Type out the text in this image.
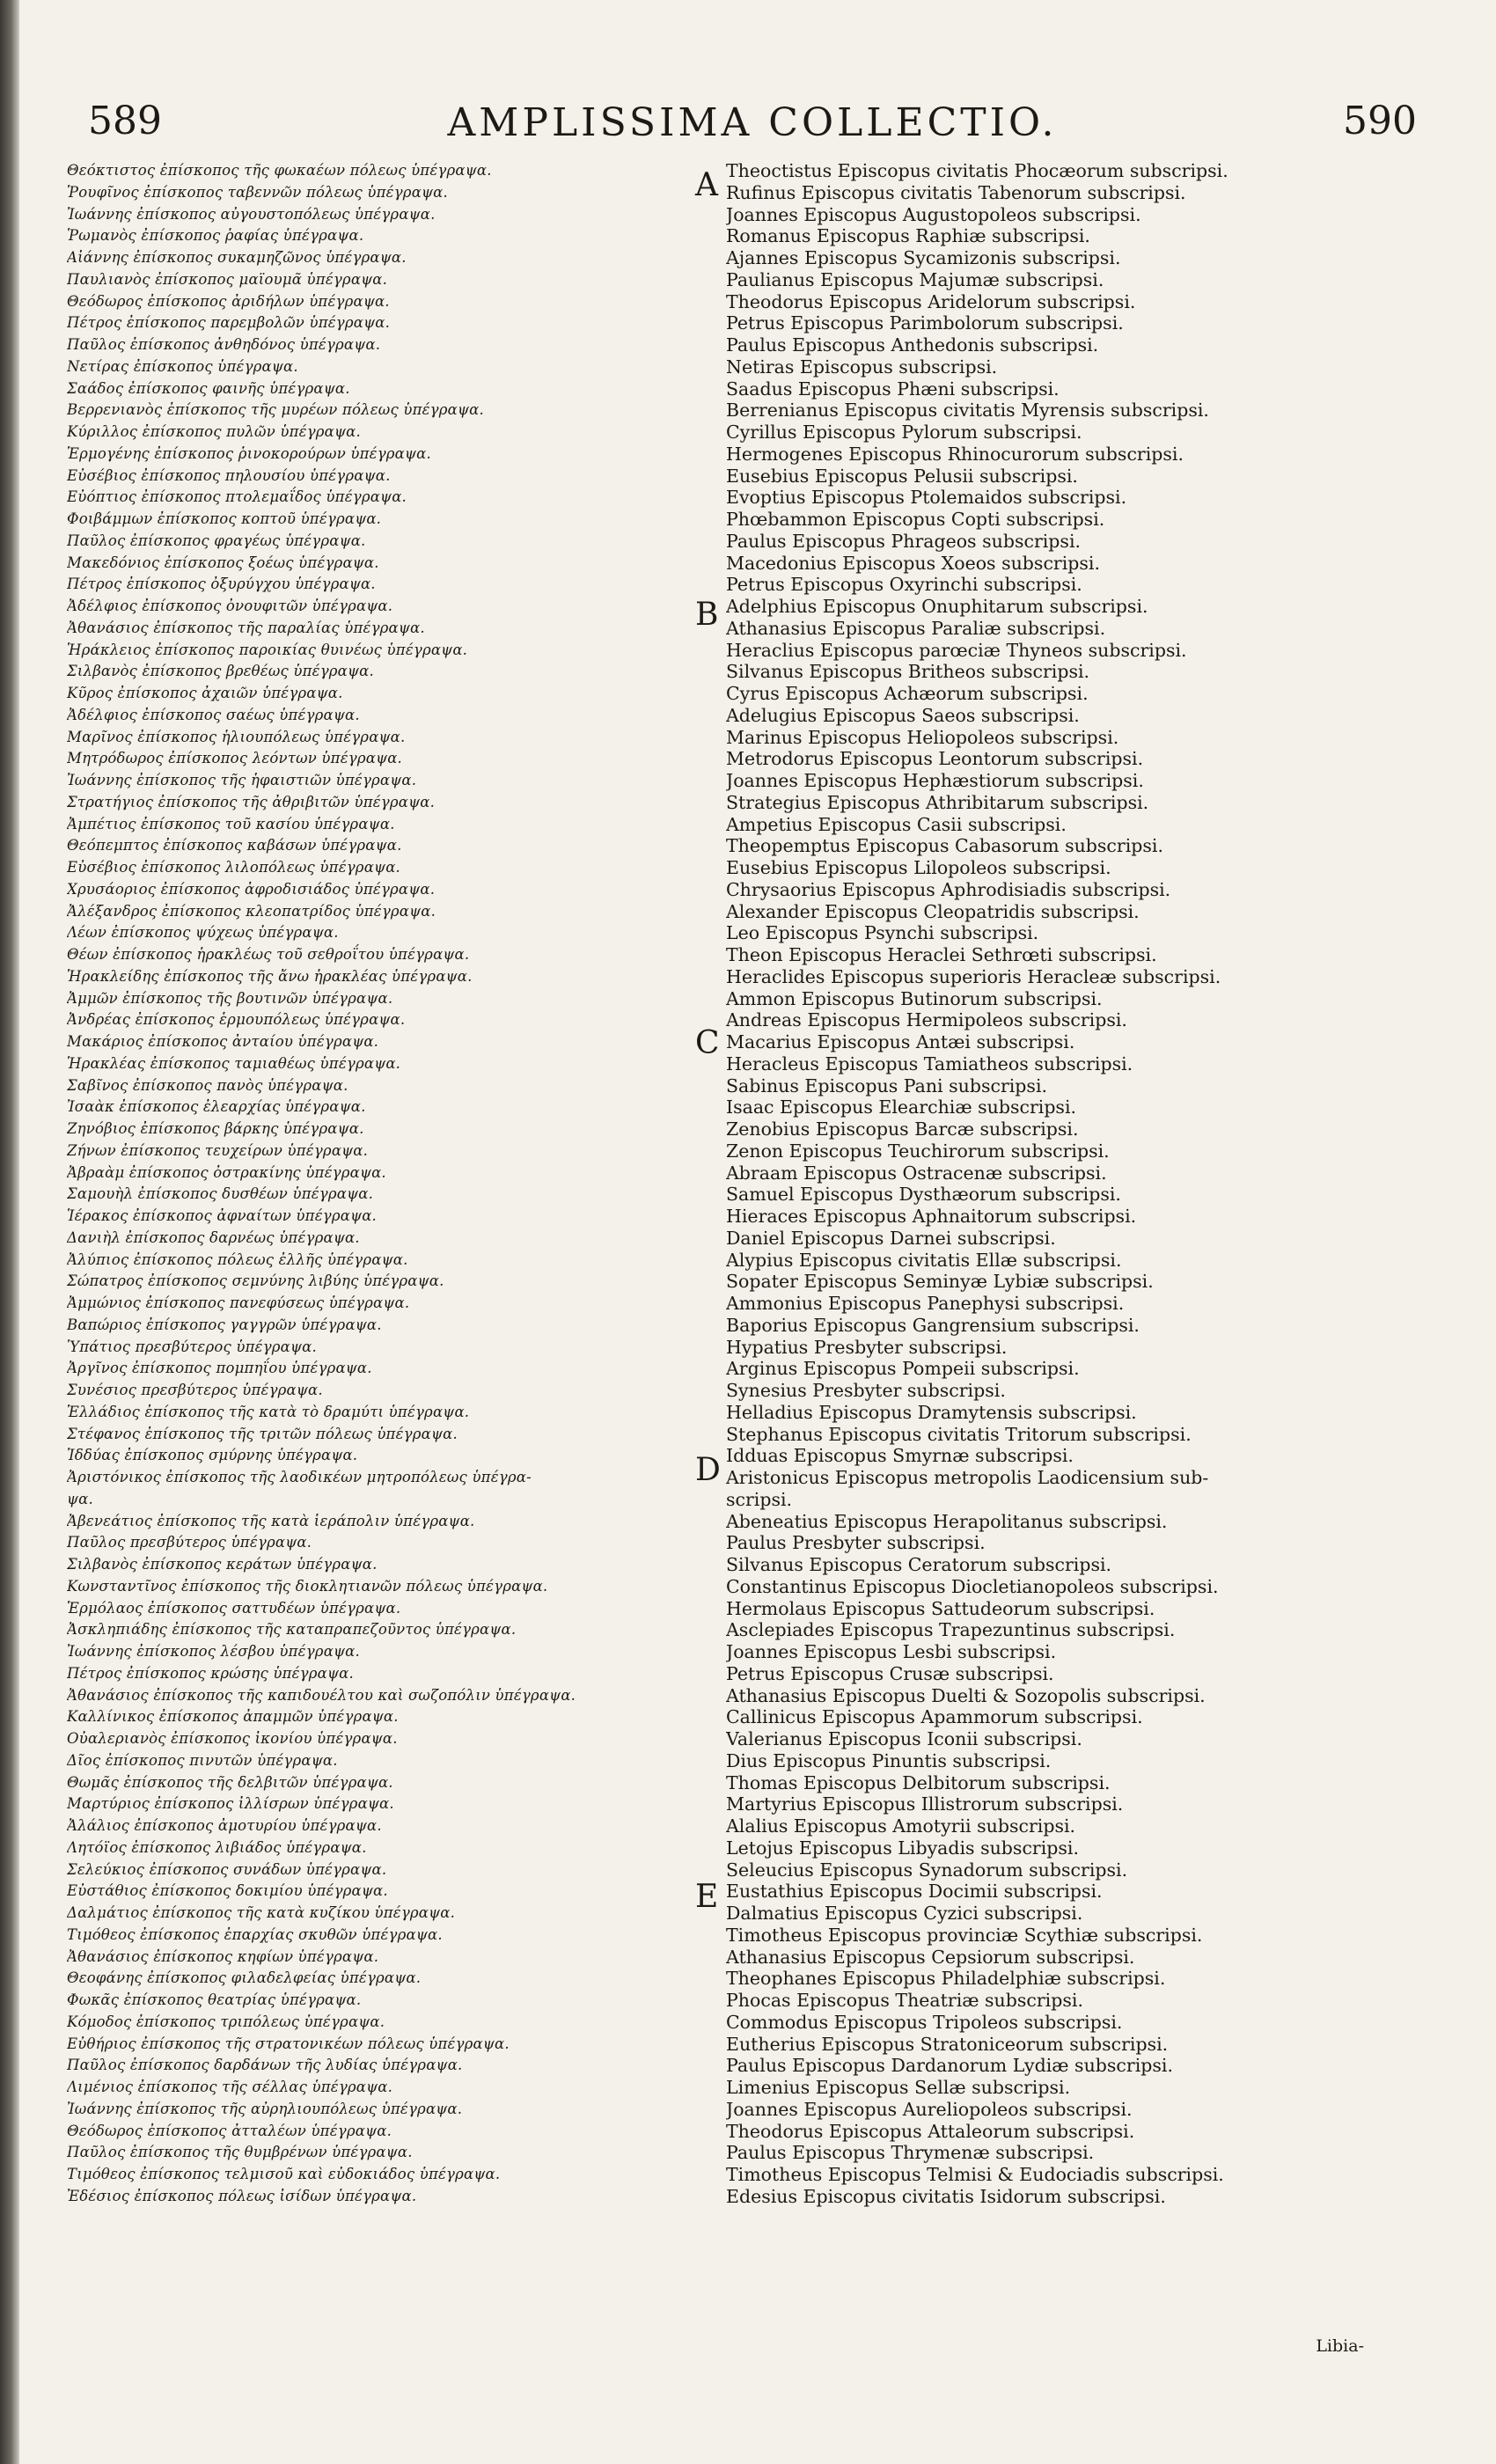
589	AMPLISSIMA COLLECTIO.	590
Θεόκτιστος ἐπίσκοπος τῆς φωκαέων πόλεως ὑπέγραψα.
Ῥουφῖνος ἐπίσκοπος ταβεννῶν πόλεως ὑπέγραψα.
Ἰωάννης ἐπίσκοπος αὐγουστοπόλεως ὑπέγραψα.
Ῥωμανὸς ἐπίσκοπος ῥαφίας ὑπέγραψα.
Αἰάννης ἐπίσκοπος συκαμηζῶνος ὑπέγραψα.
Παυλιανὸς ἐπίσκοπος μαϊουμᾶ ὑπέγραψα.
Θεόδωρος ἐπίσκοπος ἀριδήλων ὑπέγραψα.
Πέτρος ἐπίσκοπος παρεμβολῶν ὑπέγραψα.
Παῦλος ἐπίσκοπος ἀνθηδόνος ὑπέγραψα.
Νετίρας ἐπίσκοπος ὑπέγραψα.
Σαάδος ἐπίσκοπος φαινῆς ὑπέγραψα.
Βερρενιανὸς ἐπίσκοπος τῆς μυρέων πόλεως ὑπέγραψα.
Κύριλλος ἐπίσκοπος πυλῶν ὑπέγραψα.
Ἑρμογένης ἐπίσκοπος ῥινοκορούρων ὑπέγραψα.
Εὐσέβιος ἐπίσκοπος πηλουσίου ὑπέγραψα.
Εὐόπτιος ἐπίσκοπος πτολεμαΐδος ὑπέγραψα.
Φοιβάμμων ἐπίσκοπος κοπτοῦ ὑπέγραψα.
Παῦλος ἐπίσκοπος φραγέως ὑπέγραψα.
Μακεδόνιος ἐπίσκοπος ξοέως ὑπέγραψα.
Πέτρος ἐπίσκοπος ὀξυρύγχου ὑπέγραψα.
Ἀδέλφιος ἐπίσκοπος ὀνουφιτῶν ὑπέγραψα.
Ἀθανάσιος ἐπίσκοπος τῆς παραλίας ὑπέγραψα.
Ἡράκλειος ἐπίσκοπος παροικίας θυινέως ὑπέγραψα.
Σιλβανὸς ἐπίσκοπος βρεθέως ὑπέγραψα.
Κῦρος ἐπίσκοπος ἀχαιῶν ὑπέγραψα.
Ἀδέλφιος ἐπίσκοπος σαέως ὑπέγραψα.
Μαρῖνος ἐπίσκοπος ἡλιουπόλεως ὑπέγραψα.
Μητρόδωρος ἐπίσκοπος λεόντων ὑπέγραψα.
Ἰωάννης ἐπίσκοπος τῆς ἡφαιστιῶν ὑπέγραψα.
Στρατήγιος ἐπίσκοπος τῆς ἀθριβιτῶν ὑπέγραψα.
Ἀμπέτιος ἐπίσκοπος τοῦ κασίου ὑπέγραψα.
Θεόπεμπτος ἐπίσκοπος καβάσων ὑπέγραψα.
Εὐσέβιος ἐπίσκοπος λιλοπόλεως ὑπέγραψα.
Χρυσάοριος ἐπίσκοπος ἀφροδισιάδος ὑπέγραψα.
Ἀλέξανδρος ἐπίσκοπος κλεοπατρίδος ὑπέγραψα.
Λέων ἐπίσκοπος ψύχεως ὑπέγραψα.
Θέων ἐπίσκοπος ἡρακλέως τοῦ σεθροΐτου ὑπέγραψα.
Ἡρακλείδης ἐπίσκοπος τῆς ἄνω ἡρακλέας ὑπέγραψα.
Ἀμμῶν ἐπίσκοπος τῆς βουτινῶν ὑπέγραψα.
Ἀνδρέας ἐπίσκοπος ἑρμουπόλεως ὑπέγραψα.
Μακάριος ἐπίσκοπος ἀνταίου ὑπέγραψα.
Ἡρακλέας ἐπίσκοπος ταμιαθέως ὑπέγραψα.
Σαβῖνος ἐπίσκοπος πανὸς ὑπέγραψα.
Ἰσαὰκ ἐπίσκοπος ἐλεαρχίας ὑπέγραψα.
Ζηνόβιος ἐπίσκοπος βάρκης ὑπέγραψα.
Ζήνων ἐπίσκοπος τευχείρων ὑπέγραψα.
Ἀβραὰμ ἐπίσκοπος ὀστρακίνης ὑπέγραψα.
Σαμουὴλ ἐπίσκοπος δυσθέων ὑπέγραψα.
Ἱέρακος ἐπίσκοπος ἀφναίτων ὑπέγραψα.
Δανιὴλ ἐπίσκοπος δαρνέως ὑπέγραψα.
Ἀλύπιος ἐπίσκοπος πόλεως ἐλλῆς ὑπέγραψα.
Σώπατρος ἐπίσκοπος σεμνύνης λιβύης ὑπέγραψα.
Ἀμμώνιος ἐπίσκοπος πανεφύσεως ὑπέγραψα.
Βαπώριος ἐπίσκοπος γαγγρῶν ὑπέγραψα.
Ὑπάτιος πρεσβύτερος ὑπέγραψα.
Ἀργῖνος ἐπίσκοπος πομπηΐου ὑπέγραψα.
Συνέσιος πρεσβύτερος ὑπέγραψα.
Ἑλλάδιος ἐπίσκοπος τῆς κατὰ τὸ δραμύτι ὑπέγραψα.
Στέφανος ἐπίσκοπος τῆς τριτῶν πόλεως ὑπέγραψα.
Ἰδδύας ἐπίσκοπος σμύρνης ὑπέγραψα.
Ἀριστόνικος ἐπίσκοπος τῆς λαοδικέων μητροπόλεως ὑπέγρα-
ψα.
Ἀβενεάτιος ἐπίσκοπος τῆς κατὰ ἱεράπολιν ὑπέγραψα.
Παῦλος πρεσβύτερος ὑπέγραψα.
Σιλβανὸς ἐπίσκοπος κεράτων ὑπέγραψα.
Κωνσταντῖνος ἐπίσκοπος τῆς διοκλητιανῶν πόλεως ὑπέγραψα.
Ἑρμόλαος ἐπίσκοπος σαττυδέων ὑπέγραψα.
Ἀσκληπιάδης ἐπίσκοπος τῆς καταπραπεζοῦντος ὑπέγραψα.
Ἰωάννης ἐπίσκοπος λέσβου ὑπέγραψα.
Πέτρος ἐπίσκοπος κρώσης ὑπέγραψα.
Ἀθανάσιος ἐπίσκοπος τῆς καπιδουέλτου καὶ σωζοπόλιν ὑπέγραψα.
Καλλίνικος ἐπίσκοπος ἀπαμμῶν ὑπέγραψα.
Οὐαλεριανὸς ἐπίσκοπος ἰκονίου ὑπέγραψα.
Δῖος ἐπίσκοπος πινυτῶν ὑπέγραψα.
Θωμᾶς ἐπίσκοπος τῆς δελβιτῶν ὑπέγραψα.
Μαρτύριος ἐπίσκοπος ἰλλίσρων ὑπέγραψα.
Ἀλάλιος ἐπίσκοπος ἀμοτυρίου ὑπέγραψα.
Λητόϊος ἐπίσκοπος λιβιάδος ὑπέγραψα.
Σελεύκιος ἐπίσκοπος συνάδων ὑπέγραψα.
Εὐστάθιος ἐπίσκοπος δοκιμίου ὑπέγραψα.
Δαλμάτιος ἐπίσκοπος τῆς κατὰ κυζίκου ὑπέγραψα.
Τιμόθεος ἐπίσκοπος ἐπαρχίας σκυθῶν ὑπέγραψα.
Ἀθανάσιος ἐπίσκοπος κηφίων ὑπέγραψα.
Θεοφάνης ἐπίσκοπος φιλαδελφείας ὑπέγραψα.
Φωκᾶς ἐπίσκοπος θεατρίας ὑπέγραψα.
Κόμοδος ἐπίσκοπος τριπόλεως ὑπέγραψα.
Εὐθήριος ἐπίσκοπος τῆς στρατονικέων πόλεως ὑπέγραψα.
Παῦλος ἐπίσκοπος δαρδάνων τῆς λυδίας ὑπέγραψα.
Λιμένιος ἐπίσκοπος τῆς σέλλας ὑπέγραψα.
Ἰωάννης ἐπίσκοπος τῆς αὐρηλιουπόλεως ὑπέγραψα.
Θεόδωρος ἐπίσκοπος ἀτταλέων ὑπέγραψα.
Παῦλος ἐπίσκοπος τῆς θυμβρένων ὑπέγραψα.
Τιμόθεος ἐπίσκοπος τελμισοῦ καὶ εὐδοκιάδος ὑπέγραψα.
Ἐδέσιος ἐπίσκοπος πόλεως ἰσίδων ὑπέγραψα.
Theoctistus Episcopus civitatis Phocæorum subscripsi.
Rufinus Episcopus civitatis Tabenorum subscripsi.
Joannes Episcopus Augustopoleos subscripsi.
Romanus Episcopus Raphiæ subscripsi.
Ajannes Episcopus Sycamizonis subscripsi.
Paulianus Episcopus Majumæ subscripsi.
Theodorus Episcopus Aridelorum subscripsi.
Petrus Episcopus Parimbolorum subscripsi.
Paulus Episcopus Anthedonis subscripsi.
Netiras Episcopus subscripsi.
Saadus Episcopus Phæni subscripsi.
Berrenianus Episcopus civitatis Myrensis subscripsi.
Cyrillus Episcopus Pylorum subscripsi.
Hermogenes Episcopus Rhinocurorum subscripsi.
Eusebius Episcopus Pelusii subscripsi.
Evoptius Episcopus Ptolemaidos subscripsi.
Phœbammon Episcopus Copti subscripsi.
Paulus Episcopus Phrageos subscripsi.
Macedonius Episcopus Xoeos subscripsi.
Petrus Episcopus Oxyrinchi subscripsi.
Adelphius Episcopus Onuphitarum subscripsi.
Athanasius Episcopus Paraliæ subscripsi.
Heraclius Episcopus parœciæ Thyneos subscripsi.
Silvanus Episcopus Britheos subscripsi.
Cyrus Episcopus Achæorum subscripsi.
Adelugius Episcopus Saeos subscripsi.
Marinus Episcopus Heliopoleos subscripsi.
Metrodorus Episcopus Leontorum subscripsi.
Joannes Episcopus Hephæstiorum subscripsi.
Strategius Episcopus Athribitarum subscripsi.
Ampetius Episcopus Casii subscripsi.
Theopemptus Episcopus Cabasorum subscripsi.
Eusebius Episcopus Lilopoleos subscripsi.
Chrysaorius Episcopus Aphrodisiadis subscripsi.
Alexander Episcopus Cleopatridis subscripsi.
Leo Episcopus Psynchi subscripsi.
Theon Episcopus Heraclei Sethrœti subscripsi.
Heraclides Episcopus superioris Heracleæ subscripsi.
Ammon Episcopus Butinorum subscripsi.
Andreas Episcopus Hermipoleos subscripsi.
Macarius Episcopus Antæi subscripsi.
Heracleus Episcopus Tamiatheos subscripsi.
Sabinus Episcopus Pani subscripsi.
Isaac Episcopus Elearchiæ subscripsi.
Zenobius Episcopus Barcæ subscripsi.
Zenon Episcopus Teuchirorum subscripsi.
Abraam Episcopus Ostracenæ subscripsi.
Samuel Episcopus Dysthæorum subscripsi.
Hieraces Episcopus Aphnaitorum subscripsi.
Daniel Episcopus Darnei subscripsi.
Alypius Episcopus civitatis Ellæ subscripsi.
Sopater Episcopus Seminyæ Lybiæ subscripsi.
Ammonius Episcopus Panephysi subscripsi.
Baporius Episcopus Gangrensium subscripsi.
Hypatius Presbyter subscripsi.
Arginus Episcopus Pompeii subscripsi.
Synesius Presbyter subscripsi.
Helladius Episcopus Dramytensis subscripsi.
Stephanus Episcopus civitatis Tritorum subscripsi.
Idduas Episcopus Smyrnæ subscripsi.
Aristonicus Episcopus metropolis Laodicensium sub-
scripsi.
Abeneatius Episcopus Herapolitanus subscripsi.
Paulus Presbyter subscripsi.
Silvanus Episcopus Ceratorum subscripsi.
Constantinus Episcopus Diocletianopoleos subscripsi.
Hermolaus Episcopus Sattudeorum subscripsi.
Asclepiades Episcopus Trapezuntinus subscripsi.
Joannes Episcopus Lesbi subscripsi.
Petrus Episcopus Crusæ subscripsi.
Athanasius Episcopus Duelti & Sozopolis subscripsi.
Callinicus Episcopus Apammorum subscripsi.
Valerianus Episcopus Iconii subscripsi.
Dius Episcopus Pinuntis subscripsi.
Thomas Episcopus Delbitorum subscripsi.
Martyrius Episcopus Illistrorum subscripsi.
Alalius Episcopus Amotyrii subscripsi.
Letojus Episcopus Libyadis subscripsi.
Seleucius Episcopus Synadorum subscripsi.
Eustathius Episcopus Docimii subscripsi.
Dalmatius Episcopus Cyzici subscripsi.
Timotheus Episcopus provinciæ Scythiæ subscripsi.
Athanasius Episcopus Cepsiorum subscripsi.
Theophanes Episcopus Philadelphiæ subscripsi.
Phocas Episcopus Theatriæ subscripsi.
Commodus Episcopus Tripoleos subscripsi.
Eutherius Episcopus Stratoniceorum subscripsi.
Paulus Episcopus Dardanorum Lydiæ subscripsi.
Limenius Episcopus Sellæ subscripsi.
Joannes Episcopus Aureliopoleos subscripsi.
Theodorus Episcopus Attaleorum subscripsi.
Paulus Episcopus Thrymenæ subscripsi.
Timotheus Episcopus Telmisi & Eudociadis subscripsi.
Edesius Episcopus civitatis Isidorum subscripsi.
A
B
C
D
E
Libia-
